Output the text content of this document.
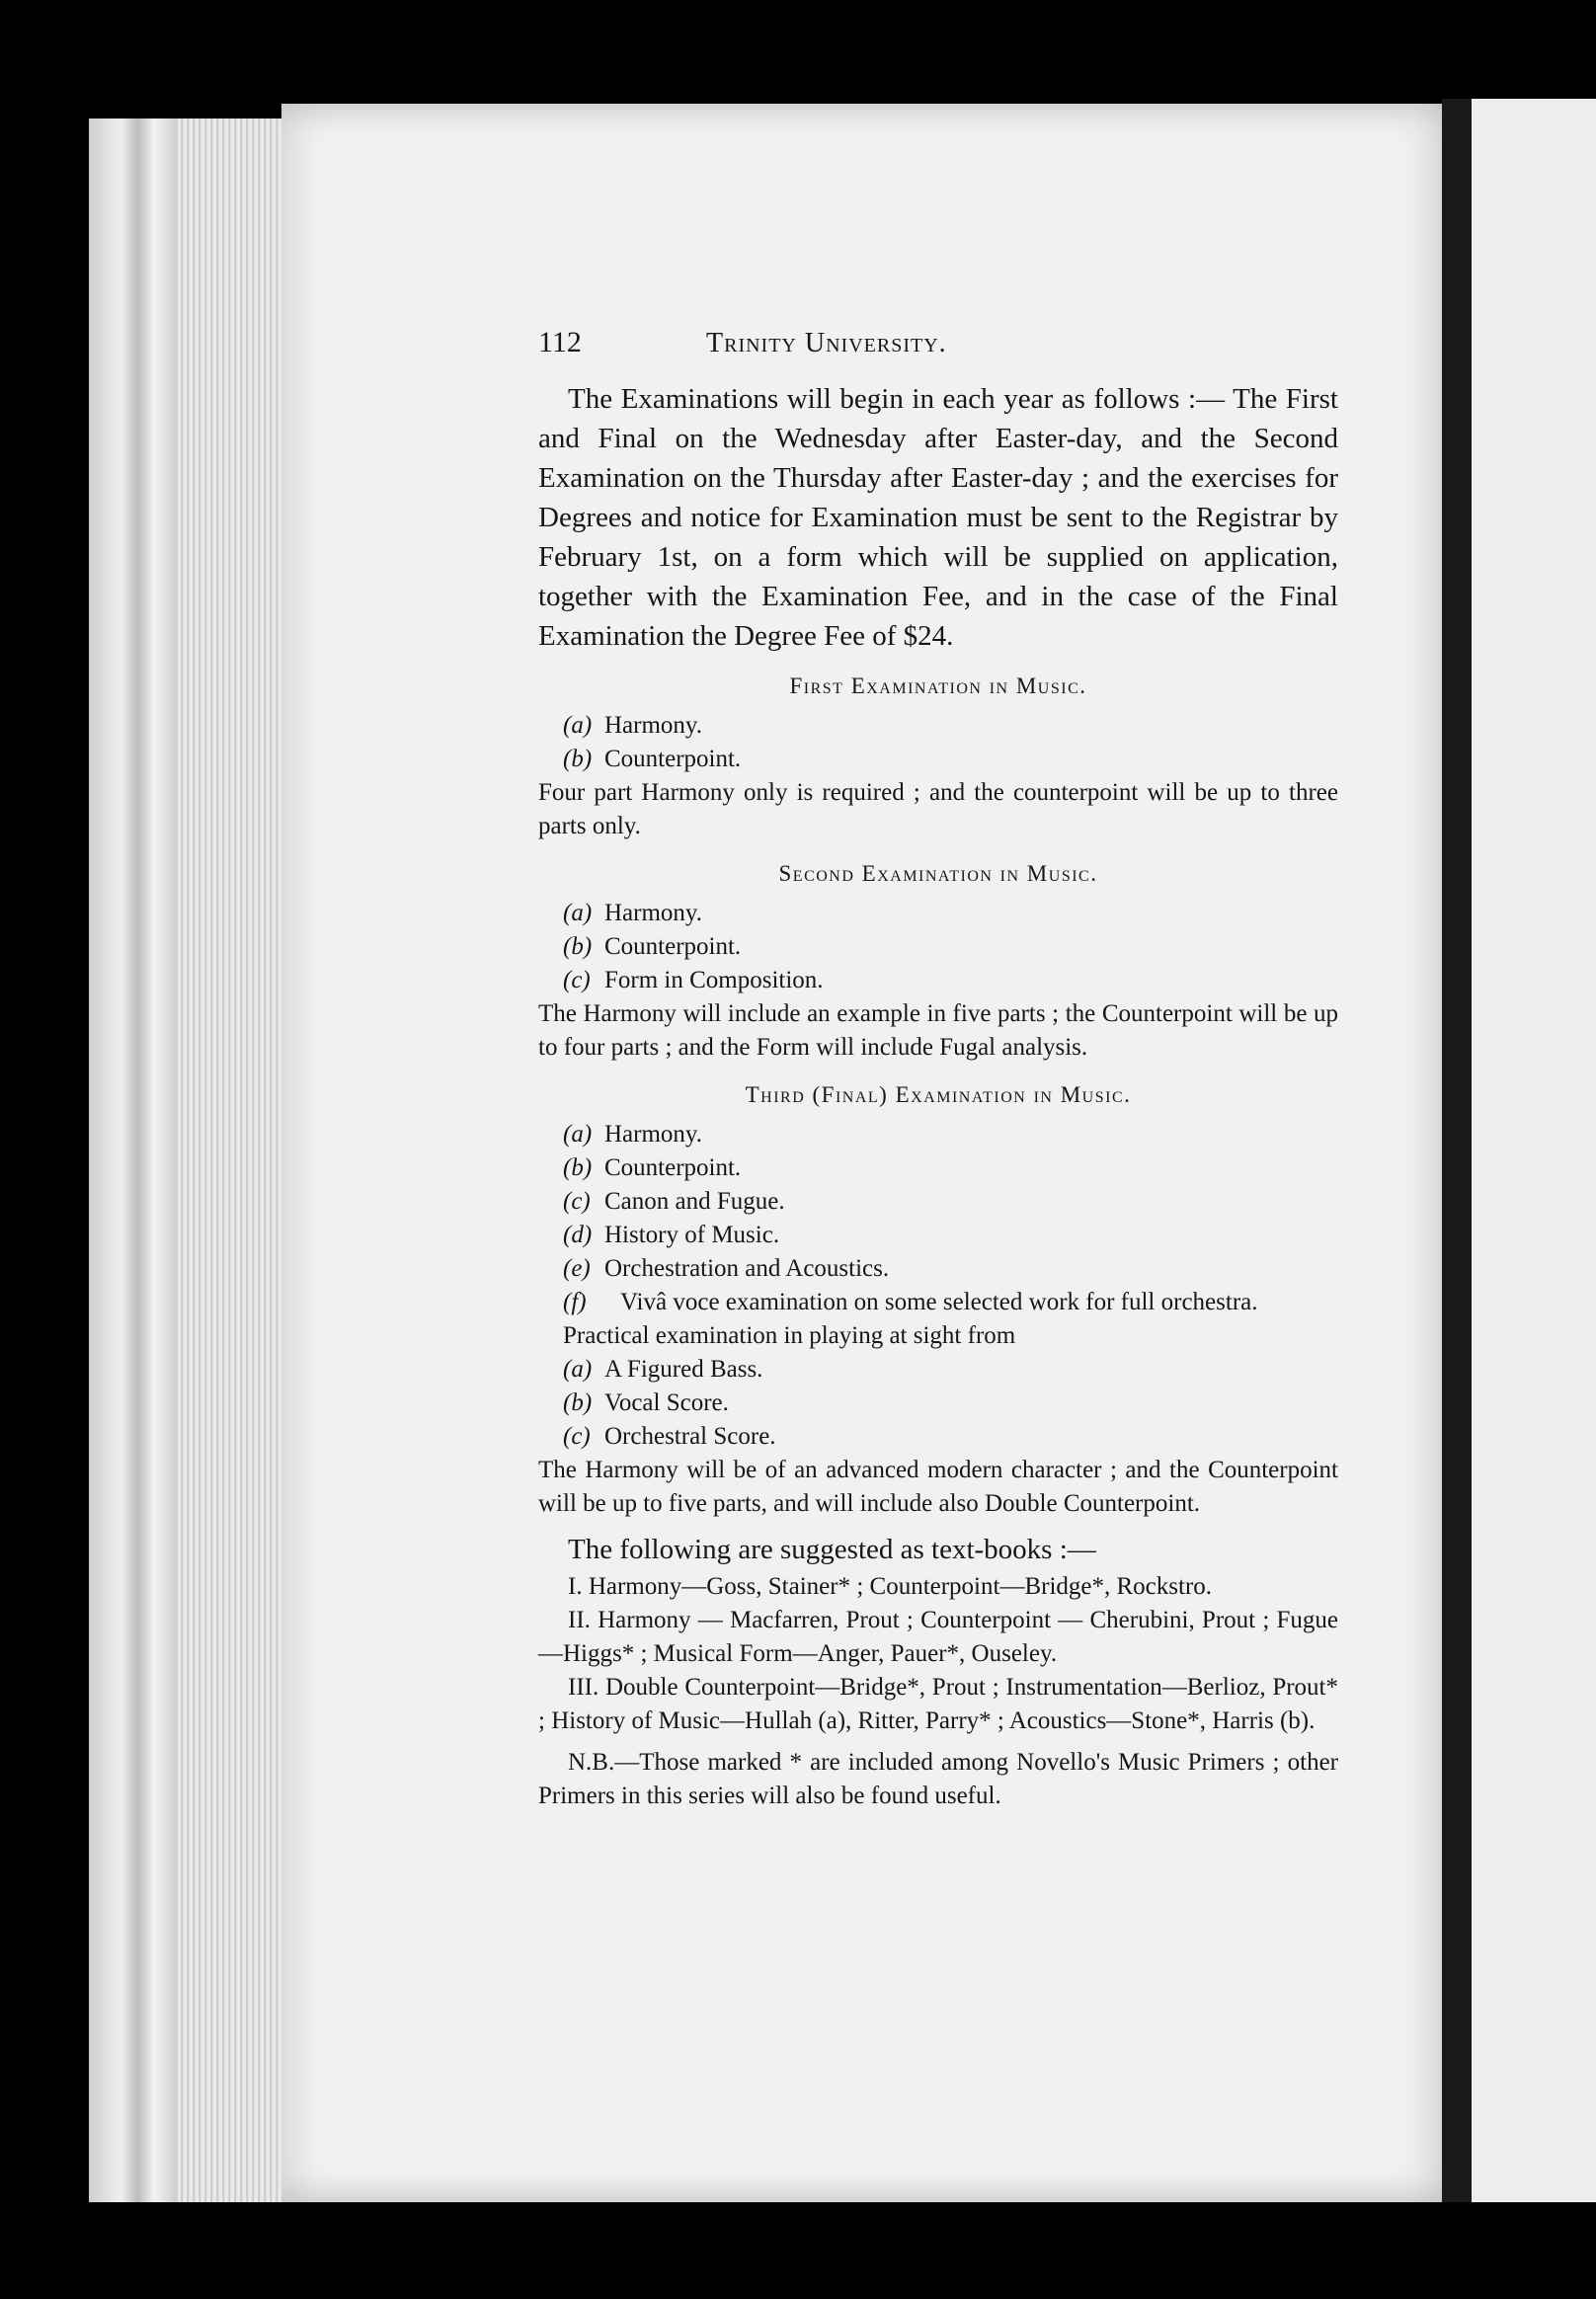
112	Trinity University.

The Examinations will begin in each year as follows :— The First and Final on the Wednesday after Easter-day, and the Second Examination on the Thursday after Easter-day ; and the exercises for Degrees and notice for Examination must be sent to the Registrar by February 1st, on a form which will be supplied on application, together with the Examination Fee, and in the case of the Final Examination the Degree Fee of $24.

First Examination in Music.

(a) Harmony.

(b) Counterpoint.

Four part Harmony only is required ; and the counterpoint will be up to three parts only.

Second Examination in Music.

(a) Harmony.

(b) Counterpoint.

(c) Form in Composition.

The Harmony will include an example in five parts ; the Counterpoint will be up to four parts ; and the Form will include Fugal analysis.

Third (Final) Examination in Music.

(a) Harmony.

(b) Counterpoint.

(c) Canon and Fugue.

(d) History of Music.

(e) Orchestration and Acoustics.

(f) Vivâ voce examination on some selected work for full orchestra.

Practical examination in playing at sight from

(a) A Figured Bass.

(b) Vocal Score.

(c) Orchestral Score.

The Harmony will be of an advanced modern character ; and the Counterpoint will be up to five parts, and will include also Double Counterpoint.

The following are suggested as text-books :—

I. Harmony—Goss, Stainer* ; Counterpoint—Bridge*, Rockstro.

II. Harmony — Macfarren, Prout ; Counterpoint — Cherubini, Prout ; Fugue—Higgs* ; Musical Form—Anger, Pauer*, Ouseley.

III. Double Counterpoint—Bridge*, Prout ; Instrumentation—Berlioz, Prout* ; History of Music—Hullah (a), Ritter, Parry* ; Acoustics—Stone*, Harris (b).

N.B.—Those marked * are included among Novello's Music Primers ; other Primers in this series will also be found useful.
